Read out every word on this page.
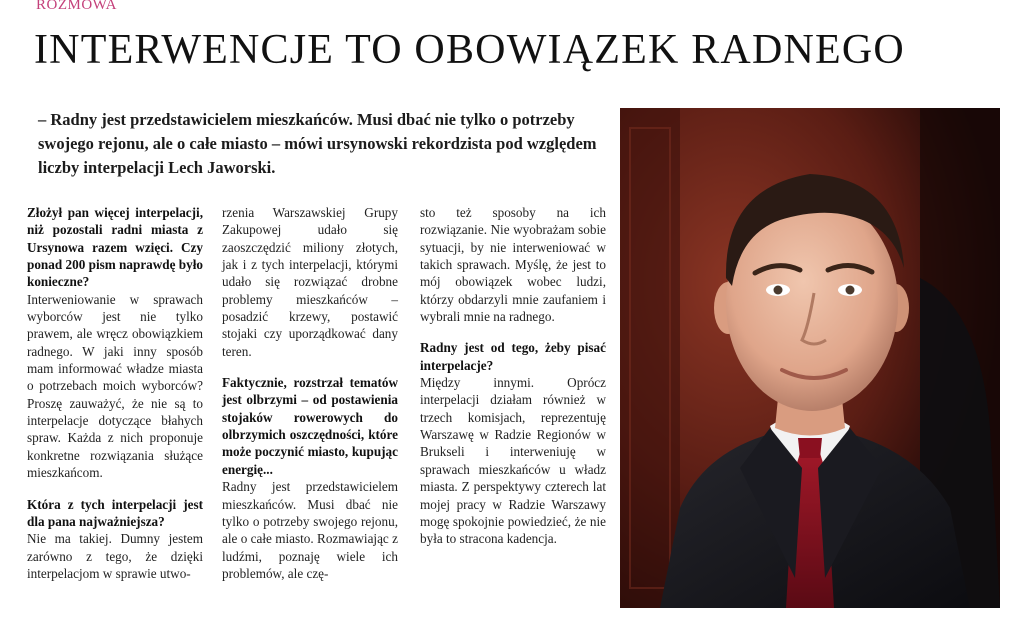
ROZMOWA
INTERWENCJE TO OBOWIĄZEK RADNEGO

– Radny jest przedstawicielem mieszkańców. Musi dbać nie tylko o potrzeby swojego rejonu, ale o całe miasto – mówi ursynowski rekordzista pod względem liczby interpelacji Lech Jaworski.

Złożył pan więcej interpelacji, niż pozostali radni miasta z Ursynowa razem wzięci. Czy ponad 200 pism naprawdę było konieczne?

Interweniowanie w sprawach wyborców jest nie tylko prawem, ale wręcz obowiązkiem radnego. W jaki inny sposób mam informować władze miasta o potrzebach moich wyborców? Proszę zauważyć, że nie są to interpelacje dotyczące błahych spraw. Każda z nich proponuje konkretne rozwiązania służące mieszkańcom.

Która z tych interpelacji jest dla pana najważniejsza?

Nie ma takiej. Dumny jestem zarówno z tego, że dzięki interpelacjom w sprawie utwo-

rzenia Warszawskiej Grupy Zakupowej udało się zaoszczędzić miliony złotych, jak i z tych interpelacji, którymi udało się rozwiązać drobne problemy mieszkańców – posadzić krzewy, postawić stojaki czy uporządkować dany teren.

Faktycznie, rozstrzał tematów jest olbrzymi – od postawienia stojaków rowerowych do olbrzymich oszczędności, które może poczynić miasto, kupując energię...

Radny jest przedstawicielem mieszkańców. Musi dbać nie tylko o potrzeby swojego rejonu, ale o całe miasto. Rozmawiając z ludźmi, poznaję wiele ich problemów, ale czę-

sto też sposoby na ich rozwiązanie. Nie wyobrażam sobie sytuacji, by nie interweniować w takich sprawach. Myślę, że jest to mój obowiązek wobec ludzi, którzy obdarzyli mnie zaufaniem i wybrali mnie na radnego.

Radny jest od tego, żeby pisać interpelacje?

Między innymi. Oprócz interpelacji działam również w trzech komisjach, reprezentuję Warszawę w Radzie Regionów w Brukseli i interweniuję w sprawach mieszkańców u władz miasta. Z perspektywy czterech lat mojej pracy w Radzie Warszawy mogę spokojnie powiedzieć, że nie była to stracona kadencja.
